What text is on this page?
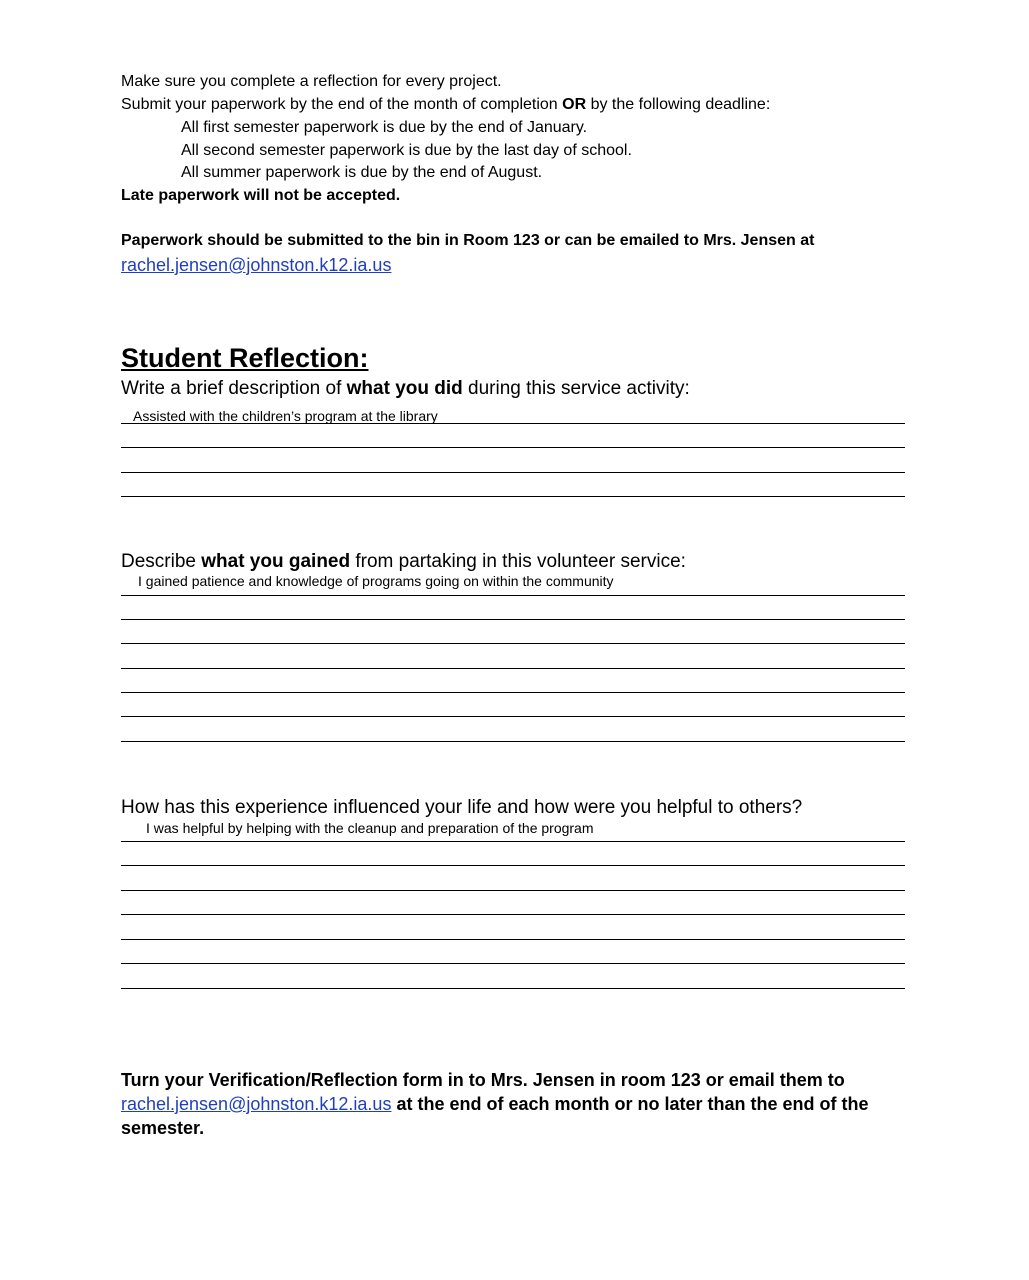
Make sure you complete a reflection for every project.
Submit your paperwork by the end of the month of completion OR by the following deadline:
All first semester paperwork is due by the end of January.
All second semester paperwork is due by the last day of school.
All summer paperwork is due by the end of August.
Late paperwork will not be accepted.
Paperwork should be submitted to the bin in Room 123 or can be emailed to Mrs. Jensen at
rachel.jensen@johnston.k12.ia.us
Student Reflection:
Write a brief description of what you did during this service activity:
Assisted with the children’s program at the library
Describe what you gained from partaking in this volunteer service:
I gained patience and knowledge of programs going on within the community
How has this experience influenced your life and how were you helpful to others?
I was helpful by helping with the cleanup and preparation of the program
Turn your Verification/Reflection form in to Mrs. Jensen in room 123 or email them to
rachel.jensen@johnston.k12.ia.us at the end of each month or no later than the end of the semester.
